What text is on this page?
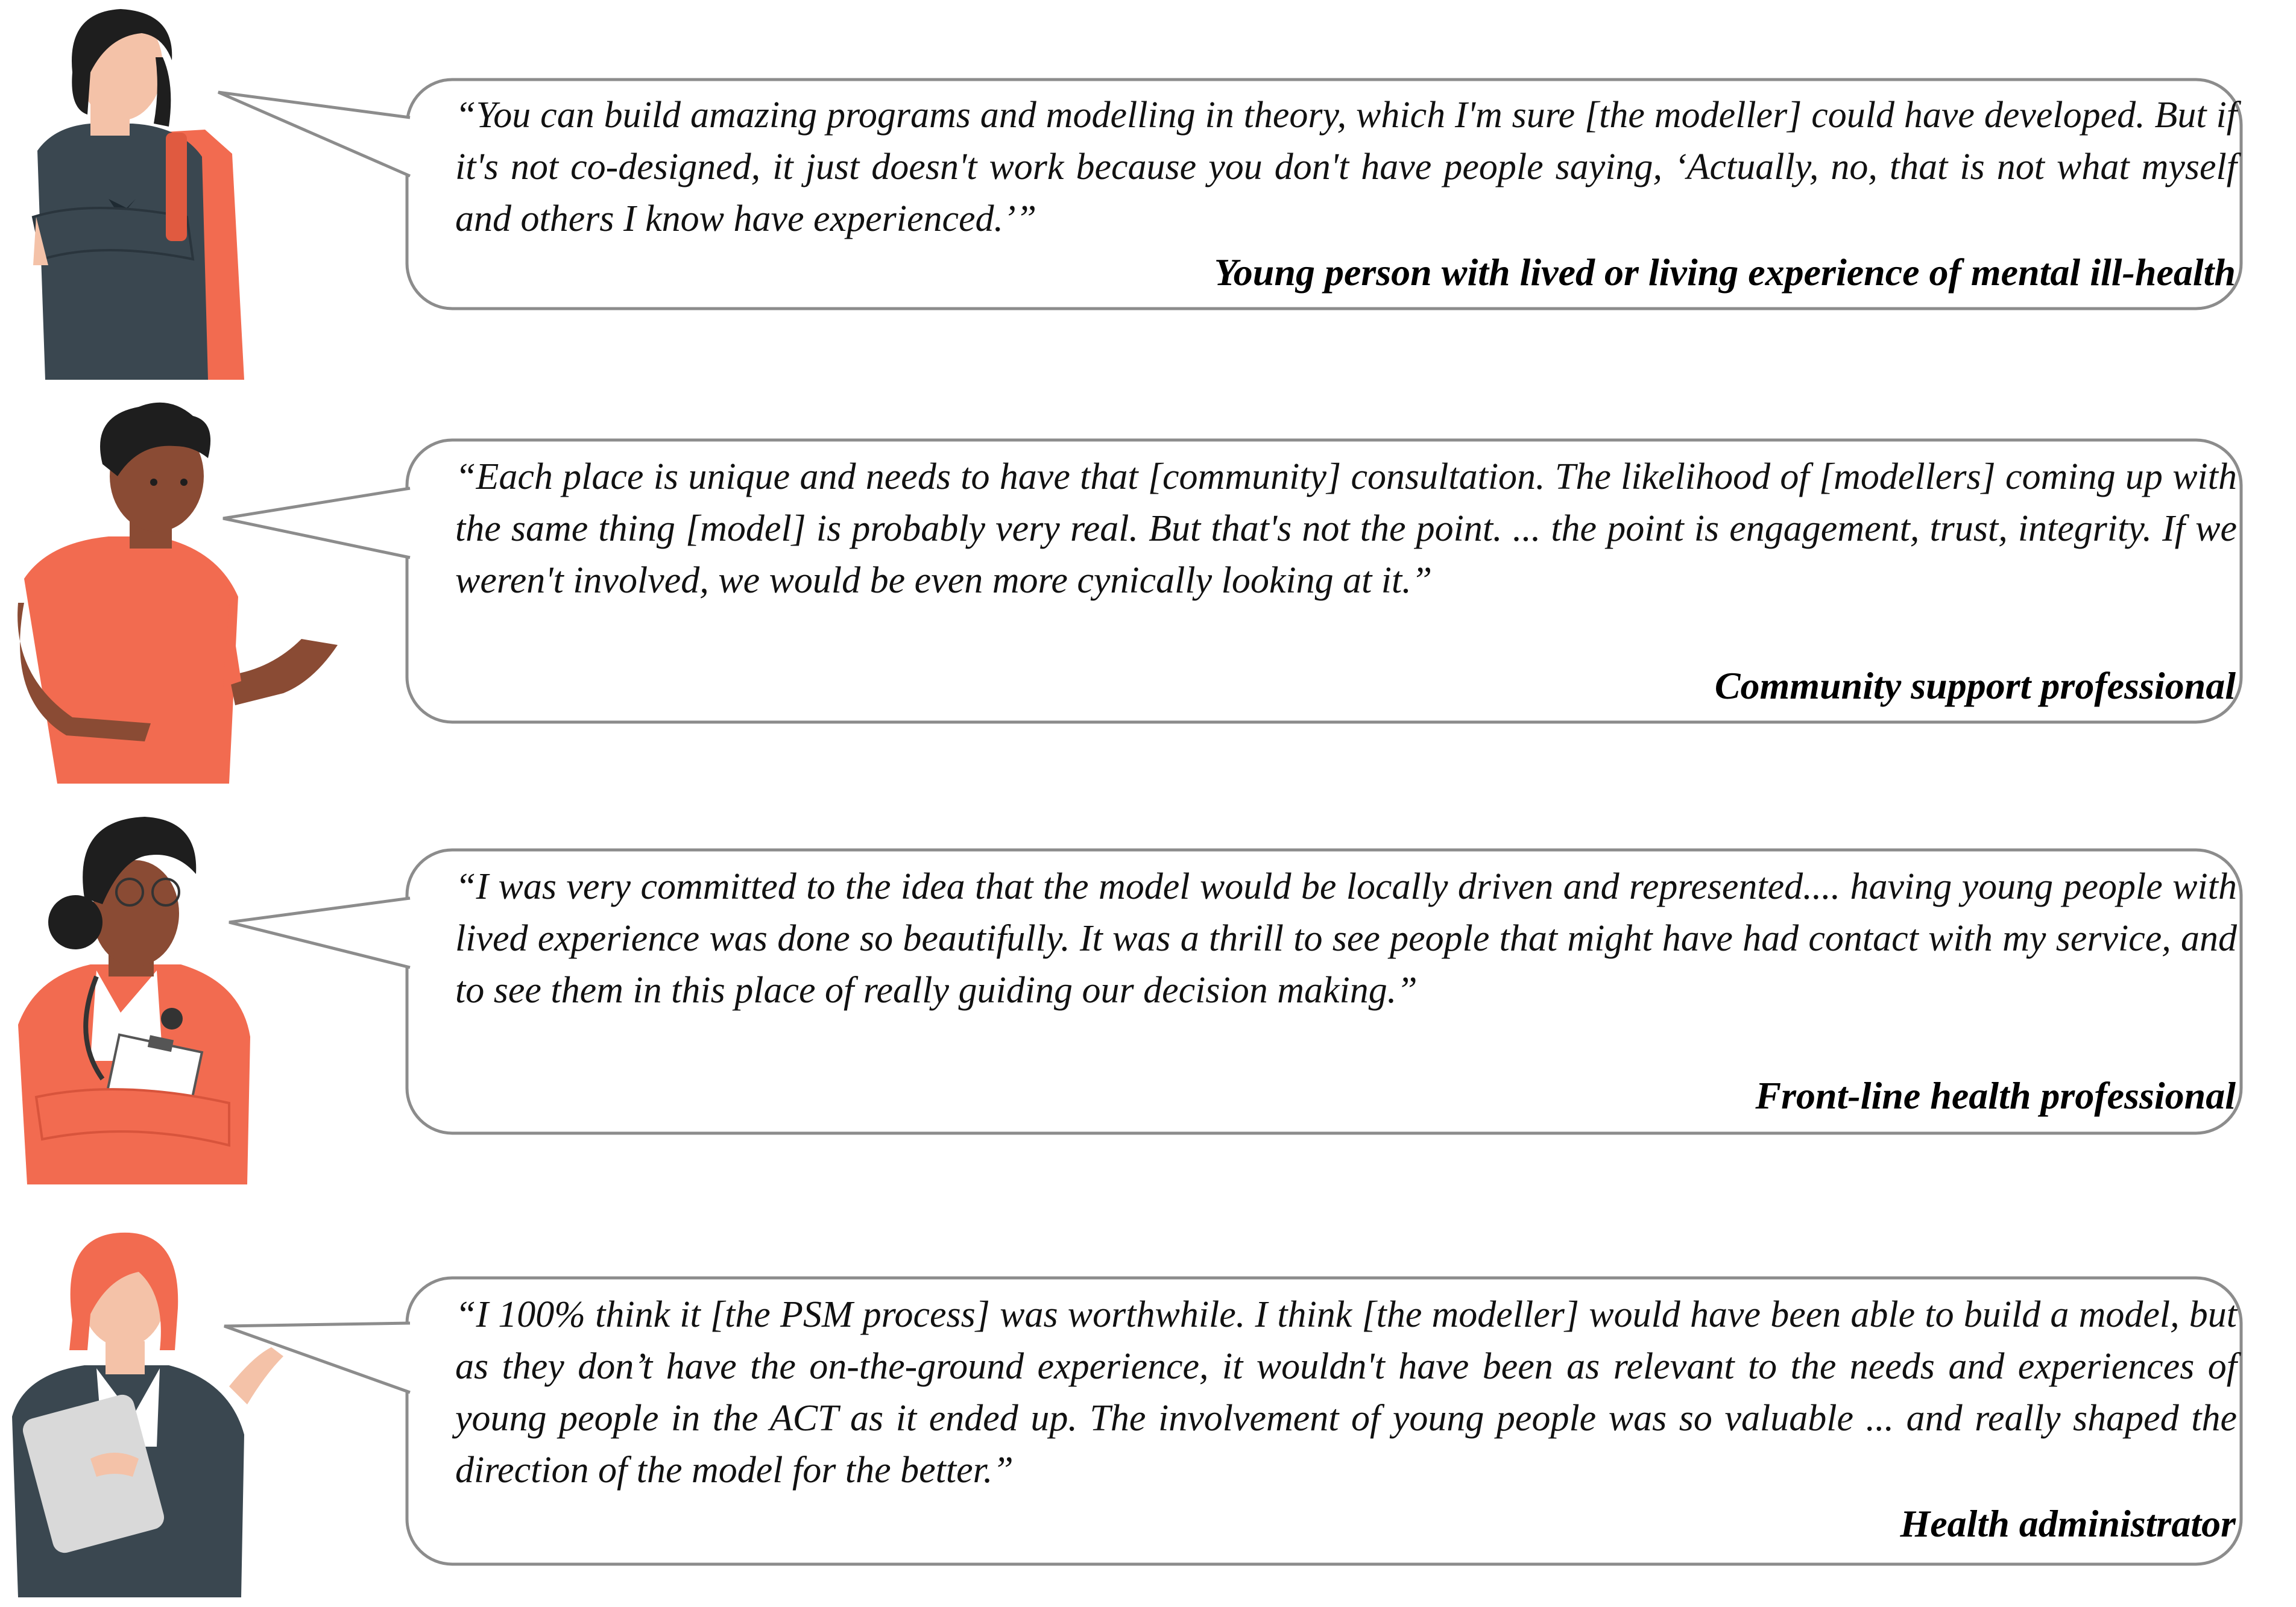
“You can build amazing programs and modelling in theory, which I'm sure [the modeller] could have developed. But if it's not co-designed, it just doesn't work because you don't have people saying, ‘Actually, no, that is not what myself and others I know have experienced.’”

Young person with lived or living experience of mental ill-health

“Each place is unique and needs to have that [community] consultation. The likelihood of [modellers] coming up with the same thing [model] is probably very real. But that's not the point. ... the point is engagement, trust, integrity. If we weren't involved, we would be even more cynically looking at it.”

Community support professional

“I was very committed to the idea that the model would be locally driven and represented.... having young people with lived experience was done so beautifully. It was a thrill to see people that might have had contact with my service, and to see them in this place of really guiding our decision making.”

Front-line health professional

“I 100% think it [the PSM process] was worthwhile. I think [the modeller] would have been able to build a model, but as they don’t have the on-the-ground experience, it wouldn't have been as relevant to the needs and experiences of young people in the ACT as it ended up. The involvement of young people was so valuable ... and really shaped the direction of the model for the better.”

Health administrator
